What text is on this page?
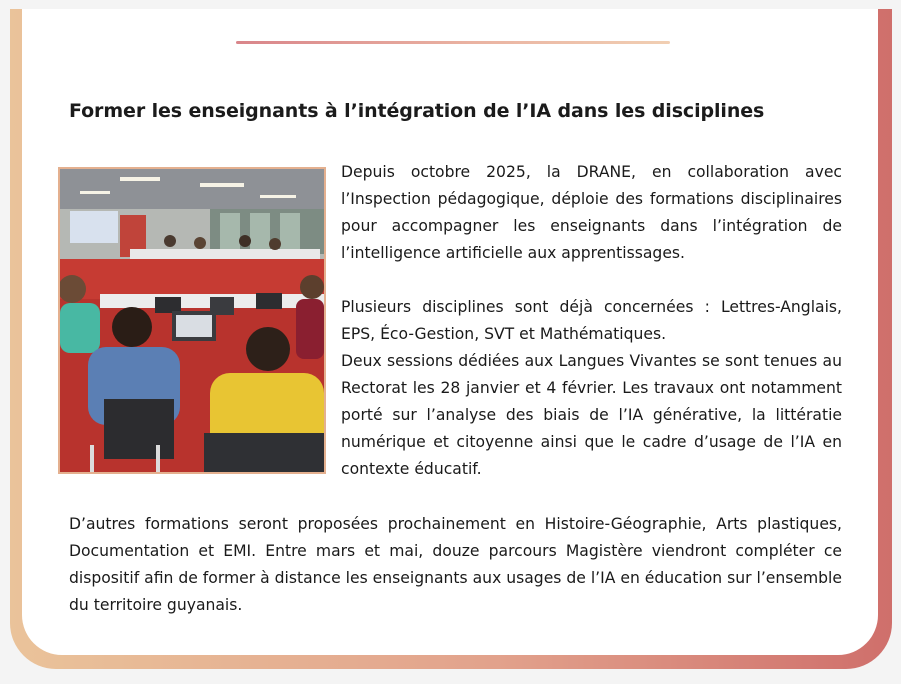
Former les enseignants à l’intégration de l’IA dans les disciplines

Depuis octobre 2025, la DRANE, en collaboration avec l’Inspection pédagogique, déploie des formations disciplinaires pour accompagner les enseignants dans l’intégration de l’intelligence artificielle aux apprentissages.

Plusieurs disciplines sont déjà concernées : Lettres-Anglais, EPS, Éco-Gestion, SVT et Mathématiques.

Deux sessions dédiées aux Langues Vivantes se sont tenues au Rectorat les 28 janvier et 4 février. Les travaux ont notamment porté sur l’analyse des biais de l’IA générative, la littératie numérique et citoyenne ainsi que le cadre d’usage de l’IA en contexte éducatif.

D’autres formations seront proposées prochainement en Histoire-Géographie, Arts plastiques, Documentation et EMI. Entre mars et mai, douze parcours Magistère viendront compléter ce dispositif afin de former à distance les enseignants aux usages de l’IA en éducation sur l’ensemble du territoire guyanais.
